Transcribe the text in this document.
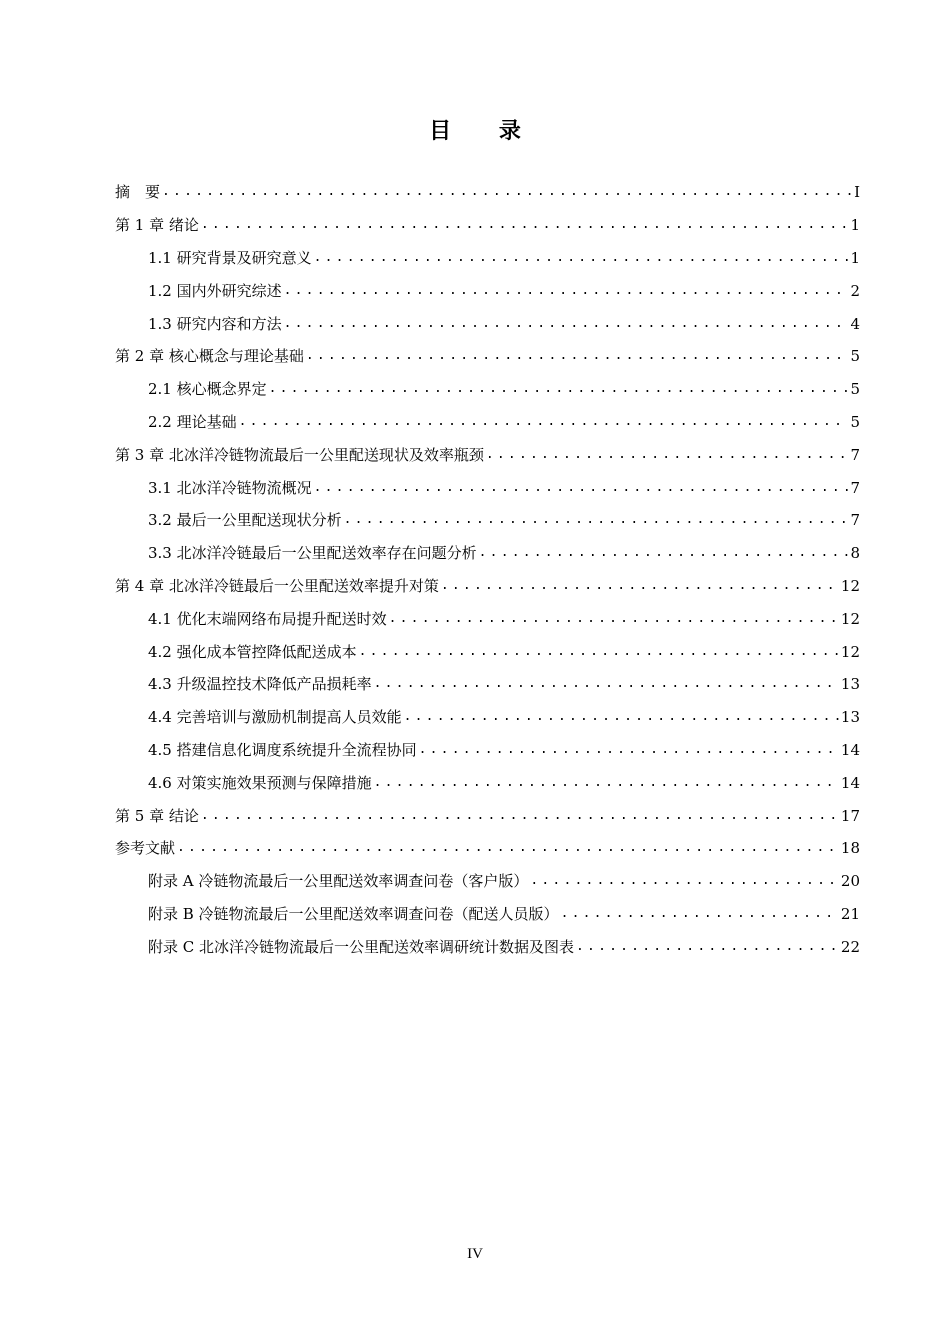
目 录
摘　要 .....	I
第 1 章 绪论 .....	1
1.1 研究背景及研究意义 .....	1
1.2 国内外研究综述 .....	2
1.3 研究内容和方法 .....	4
第 2 章 核心概念与理论基础 .....	5
2.1 核心概念界定 .....	5
2.2 理论基础 .....	5
第 3 章 北冰洋冷链物流最后一公里配送现状及效率瓶颈 .....	7
3.1 北冰洋冷链物流概况 .....	7
3.2 最后一公里配送现状分析 .....	7
3.3 北冰洋冷链最后一公里配送效率存在问题分析 .....	8
第 4 章 北冰洋冷链最后一公里配送效率提升对策 .....	12
4.1 优化末端网络布局提升配送时效 .....	12
4.2 强化成本管控降低配送成本 .....	12
4.3 升级温控技术降低产品损耗率 .....	13
4.4 完善培训与激励机制提高人员效能 .....	13
4.5 搭建信息化调度系统提升全流程协同 .....	14
4.6 对策实施效果预测与保障措施 .....	14
第 5 章 结论 .....	17
参考文献 .....	18
附录 A 冷链物流最后一公里配送效率调查问卷（客户版） .....	20
附录 B 冷链物流最后一公里配送效率调查问卷（配送人员版） .....	21
附录 C 北冰洋冷链物流最后一公里配送效率调研统计数据及图表 .....	22
IV
